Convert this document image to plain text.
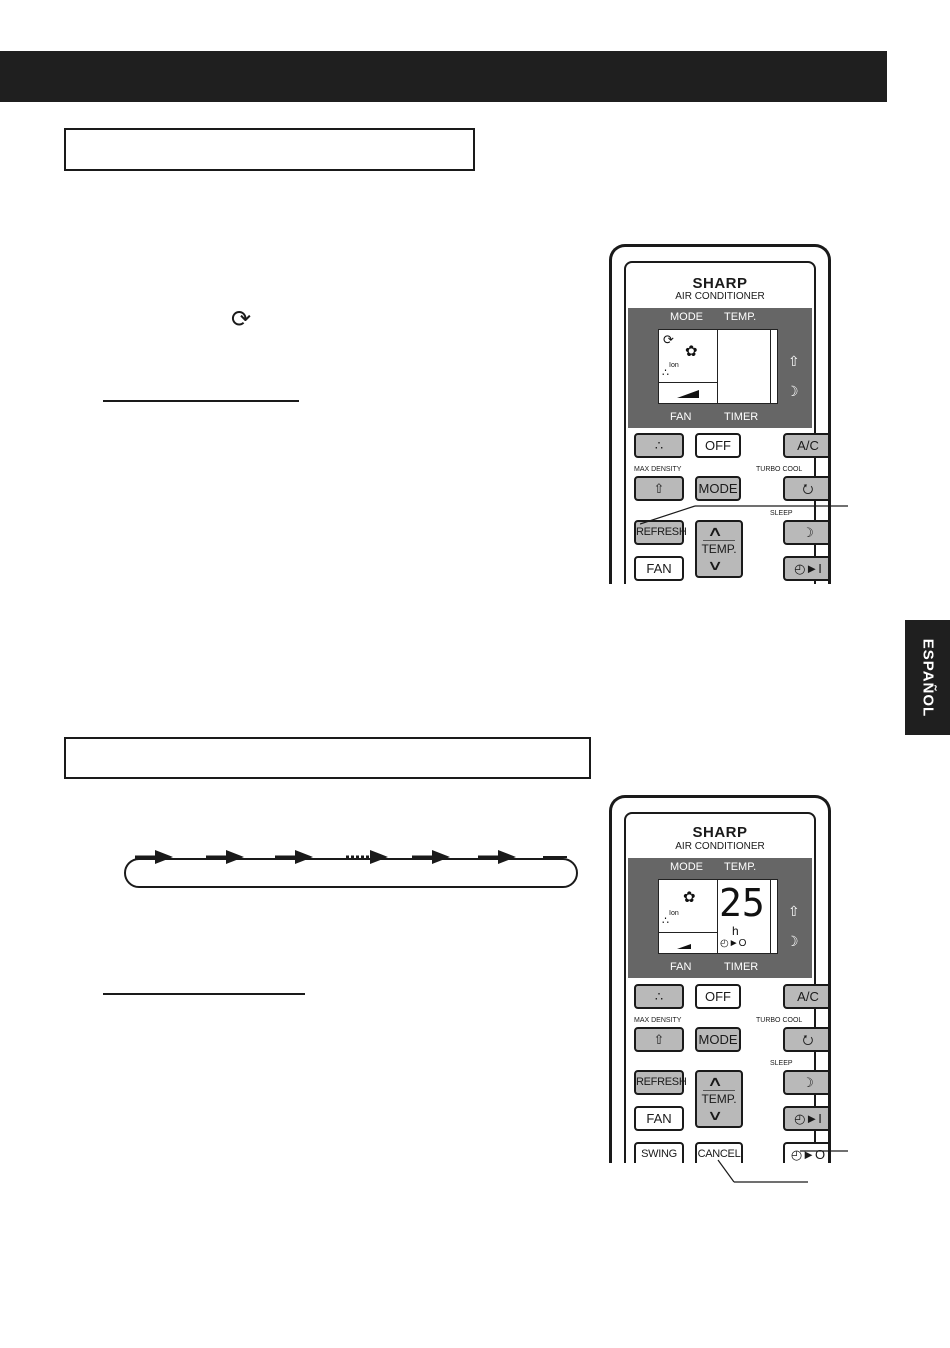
⟳
ESPAÑOL
SHARP
AIR CONDITIONER
MODE TEMP.
⟳
✿
Ion
∴
⇧
☽
FAN	TIMER
∴	OFF	A/C
MAX DENSITY	TURBO COOL
⇧	MODE	⭮
SLEEP
REFRESH ∧
TEMP.
∨
☽
FAN	◴►I
SHARP
AIR CONDITIONER
MODE TEMP.
✿
Ion
∴ 25
h
◴►O
⇧
☽
FAN	TIMER
∴	OFF	A/C
MAX DENSITY	TURBO COOL
⇧	MODE	⭮
SLEEP
REFRESH ∧
TEMP.
∨
☽
FAN	◴►I
SWING	CANCEL	◴►O
